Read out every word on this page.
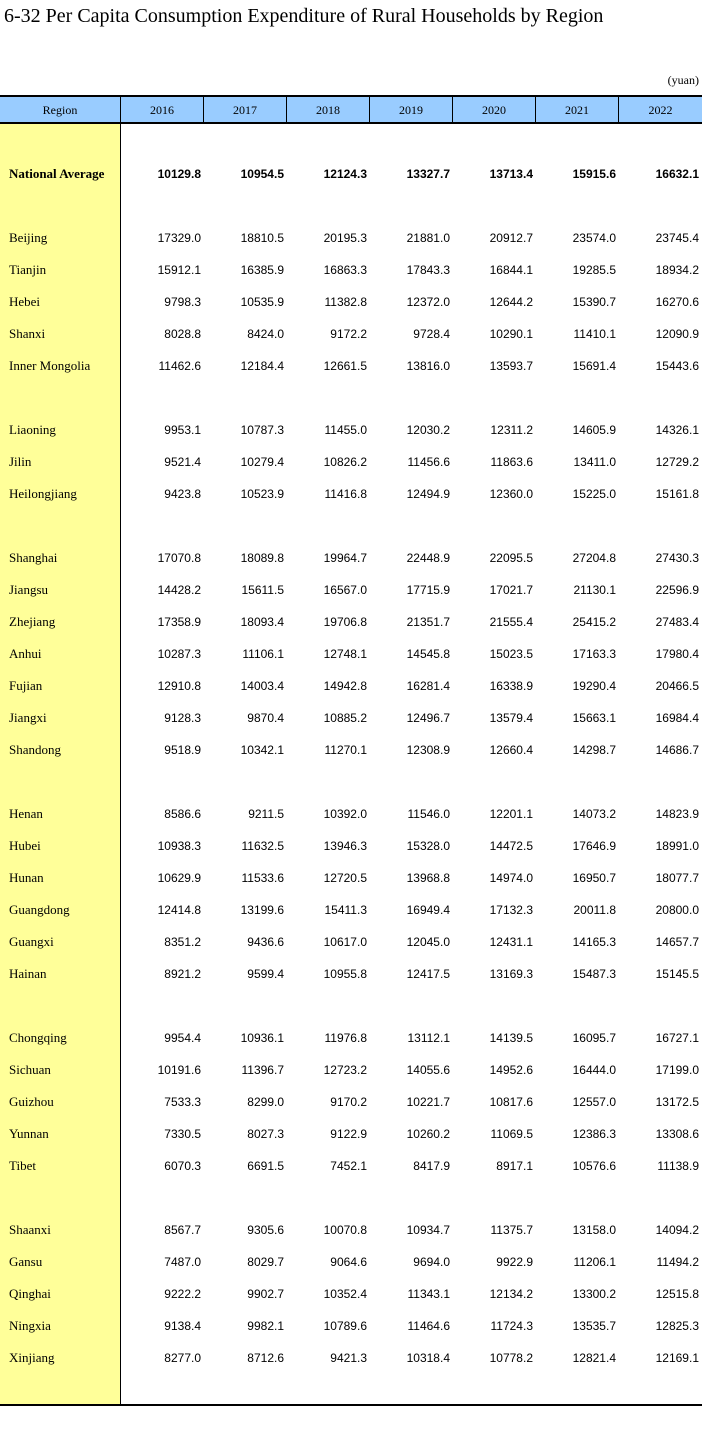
6-32 Per Capita Consumption Expenditure of Rural Households by Region
(yuan)
Region	2016	2017	2018	2019	2020	2021	2022
National Average	10129.8	10954.5	12124.3	13327.7	13713.4	15915.6	16632.1
Beijing	17329.0	18810.5	20195.3	21881.0	20912.7	23574.0	23745.4
Tianjin	15912.1	16385.9	16863.3	17843.3	16844.1	19285.5	18934.2
Hebei	9798.3	10535.9	11382.8	12372.0	12644.2	15390.7	16270.6
Shanxi	8028.8	8424.0	9172.2	9728.4	10290.1	11410.1	12090.9
Inner Mongolia	11462.6	12184.4	12661.5	13816.0	13593.7	15691.4	15443.6
Liaoning	9953.1	10787.3	11455.0	12030.2	12311.2	14605.9	14326.1
Jilin	9521.4	10279.4	10826.2	11456.6	11863.6	13411.0	12729.2
Heilongjiang	9423.8	10523.9	11416.8	12494.9	12360.0	15225.0	15161.8
Shanghai	17070.8	18089.8	19964.7	22448.9	22095.5	27204.8	27430.3
Jiangsu	14428.2	15611.5	16567.0	17715.9	17021.7	21130.1	22596.9
Zhejiang	17358.9	18093.4	19706.8	21351.7	21555.4	25415.2	27483.4
Anhui	10287.3	11106.1	12748.1	14545.8	15023.5	17163.3	17980.4
Fujian	12910.8	14003.4	14942.8	16281.4	16338.9	19290.4	20466.5
Jiangxi	9128.3	9870.4	10885.2	12496.7	13579.4	15663.1	16984.4
Shandong	9518.9	10342.1	11270.1	12308.9	12660.4	14298.7	14686.7
Henan	8586.6	9211.5	10392.0	11546.0	12201.1	14073.2	14823.9
Hubei	10938.3	11632.5	13946.3	15328.0	14472.5	17646.9	18991.0
Hunan	10629.9	11533.6	12720.5	13968.8	14974.0	16950.7	18077.7
Guangdong	12414.8	13199.6	15411.3	16949.4	17132.3	20011.8	20800.0
Guangxi	8351.2	9436.6	10617.0	12045.0	12431.1	14165.3	14657.7
Hainan	8921.2	9599.4	10955.8	12417.5	13169.3	15487.3	15145.5
Chongqing	9954.4	10936.1	11976.8	13112.1	14139.5	16095.7	16727.1
Sichuan	10191.6	11396.7	12723.2	14055.6	14952.6	16444.0	17199.0
Guizhou	7533.3	8299.0	9170.2	10221.7	10817.6	12557.0	13172.5
Yunnan	7330.5	8027.3	9122.9	10260.2	11069.5	12386.3	13308.6
Tibet	6070.3	6691.5	7452.1	8417.9	8917.1	10576.6	11138.9
Shaanxi	8567.7	9305.6	10070.8	10934.7	11375.7	13158.0	14094.2
Gansu	7487.0	8029.7	9064.6	9694.0	9922.9	11206.1	11494.2
Qinghai	9222.2	9902.7	10352.4	11343.1	12134.2	13300.2	12515.8
Ningxia	9138.4	9982.1	10789.6	11464.6	11724.3	13535.7	12825.3
Xinjiang	8277.0	8712.6	9421.3	10318.4	10778.2	12821.4	12169.1
